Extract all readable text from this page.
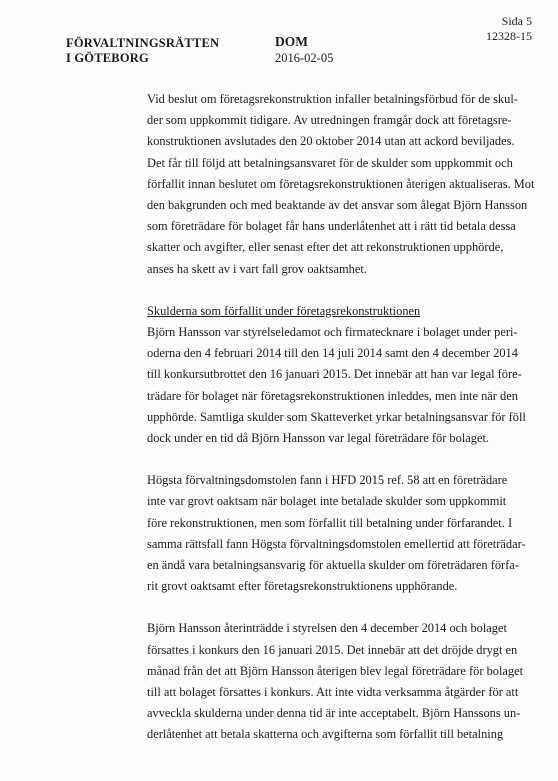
FÖRVALTNINGSRÄTTEN
I GÖTEBORG
DOM
2016-02-05
Sida 5
12328-15
Vid beslut om företagsrekonstruktion infaller betalningsförbud för de skul-
der som uppkommit tidigare. Av utredningen framgår dock att företagsre-
konstruktionen avslutades den 20 oktober 2014 utan att ackord beviljades.
Det får till följd att betalningsansvaret för de skulder som uppkommit och
förfallit innan beslutet om företagsrekonstruktionen återigen aktualiseras. Mot
den bakgrunden och med beaktande av det ansvar som ålegat Björn Hansson
som företrädare för bolaget får hans underlåtenhet att i rätt tid betala dessa
skatter och avgifter, eller senast efter det att rekonstruktionen upphörde,
anses ha skett av i vart fall grov oaktsamhet.
Skulderna som förfallit under företagsrekonstruktionen
Björn Hansson var styrelseledamot och firmatecknare i bolaget under peri-
oderna den 4 februari 2014 till den 14 juli 2014 samt den 4 december 2014
till konkursutbrottet den 16 januari 2015. Det innebär att han var legal före-
trädare för bolaget när företagsrekonstruktionen inleddes, men inte när den
upphörde. Samtliga skulder som Skatteverket yrkar betalningsansvar för föll
dock under en tid då Björn Hansson var legal företrädare för bolaget.
Högsta förvaltningsdomstolen fann i HFD 2015 ref. 58 att en företrädare
inte var grovt oaktsam när bolaget inte betalade skulder som uppkommit
före rekonstruktionen, men som förfallit till betalning under förfarandet. I
samma rättsfall fann Högsta förvaltningsdomstolen emellertid att företrädar-
en ändå vara betalningsansvarig för aktuella skulder om företrädaren förfa-
rit grovt oaktsamt efter företagsrekonstruktionens upphörande.
Björn Hansson återinträdde i styrelsen den 4 december 2014 och bolaget
försattes i konkurs den 16 januari 2015. Det innebär att det dröjde drygt en
månad från det att Björn Hansson återigen blev legal företrädare för bolaget
till att bolaget försattes i konkurs. Att inte vidta verksamma åtgärder för att
avveckla skulderna under denna tid är inte acceptabelt. Björn Hanssons un-
derlåtenhet att betala skatterna och avgifterna som förfallit till betalning
